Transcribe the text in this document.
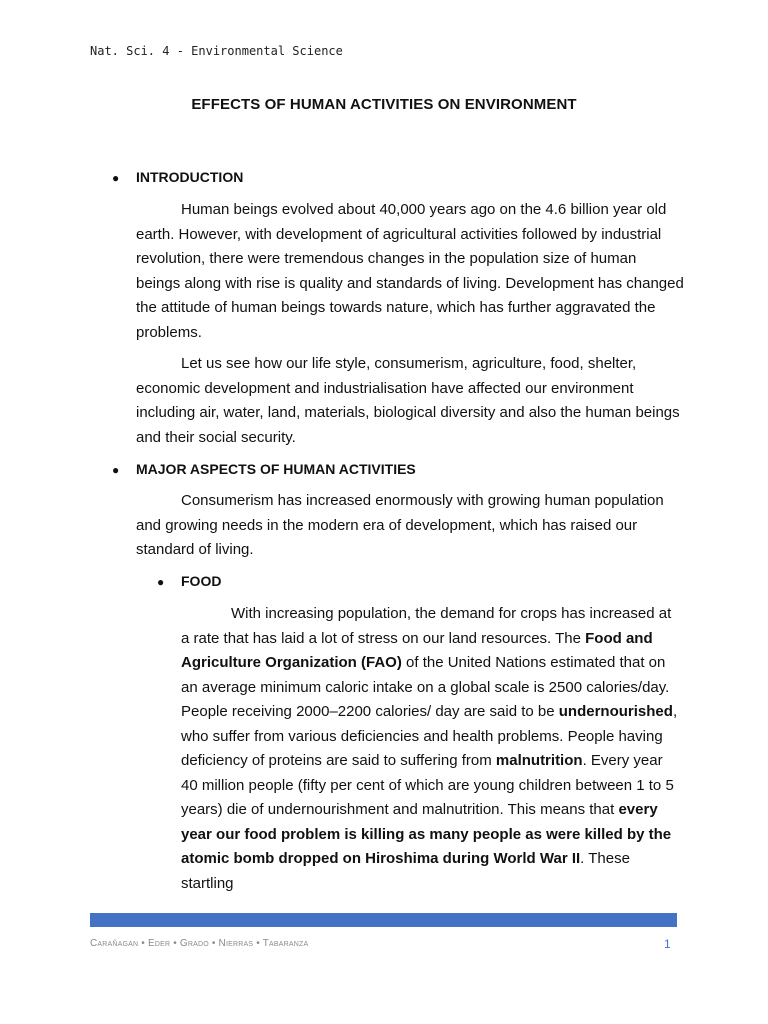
Nat. Sci. 4 - Environmental Science
EFFECTS OF HUMAN ACTIVITIES ON ENVIRONMENT
● INTRODUCTION

Human beings evolved about 40,000 years ago on the 4.6 billion year old earth. However, with development of agricultural activities followed by industrial revolution, there were tremendous changes in the population size of human beings along with rise is quality and standards of living. Development has changed the attitude of human beings towards nature, which has further aggravated the problems.

Let us see how our life style, consumerism, agriculture, food, shelter, economic development and industrialisation have affected our environment including air, water, land, materials, biological diversity and also the human beings and their social security.

● MAJOR ASPECTS OF HUMAN ACTIVITIES

Consumerism has increased enormously with growing human population and growing needs in the modern era of development, which has raised our standard of living.

● FOOD

With increasing population, the demand for crops has increased at a rate that has laid a lot of stress on our land resources. The Food and Agriculture Organization (FAO) of the United Nations estimated that on an average minimum caloric intake on a global scale is 2500 calories/day. People receiving 2000–2200 calories/ day are said to be undernourished, who suffer from various deficiencies and health problems. People having deficiency of proteins are said to suffering from malnutrition. Every year 40 million people (fifty per cent of which are young children between 1 to 5 years) die of undernourishment and malnutrition. This means that every year our food problem is killing as many people as were killed by the atomic bomb dropped on Hiroshima during World War II. These startling

Carañagan • Eder • Grado • Nierras • Tabaranza	1
